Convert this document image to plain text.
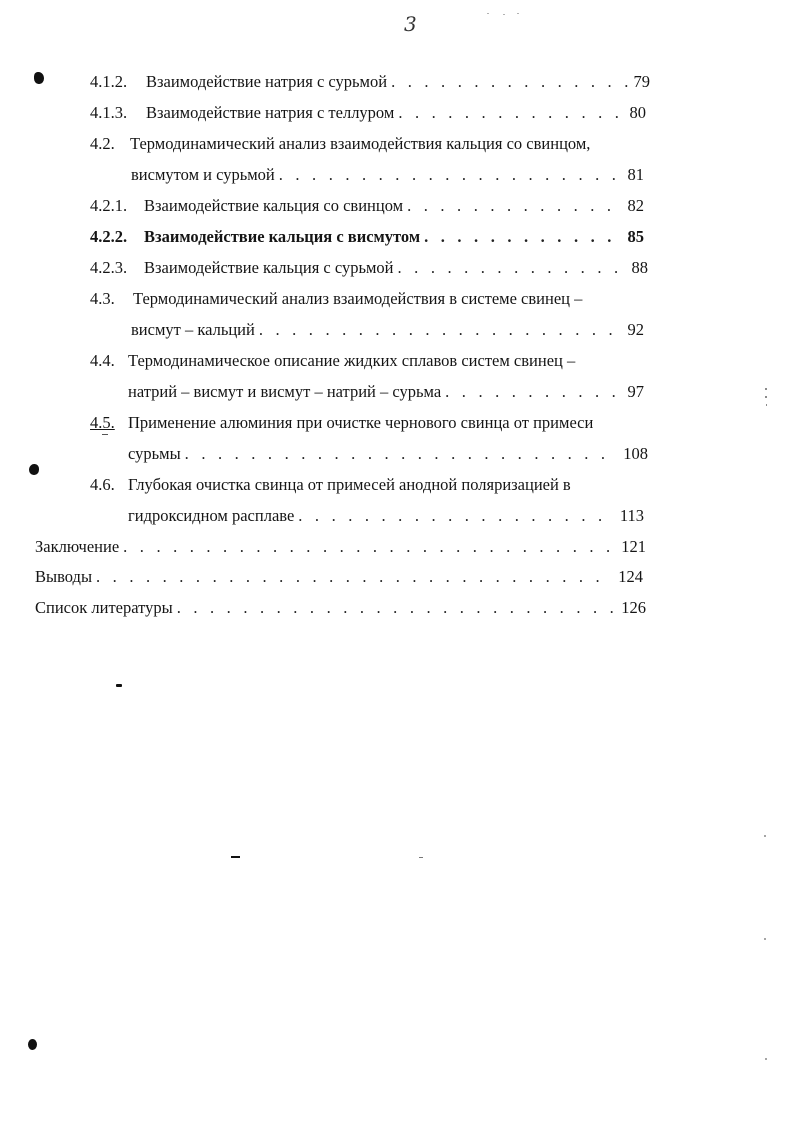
3
4.1.2.	Взаимодействие натрия с сурьмой . . .	79
4.1.3.	Взаимодействие натрия с теллуром . . .	80
4.2. Термодинамический анализ взаимодействия кальция со свинцом,
висмутом и сурьмой . . .	81
4.2.1.	Взаимодействие кальция со свинцом . . .	82
4.2.2.	Взаимодействие кальция с висмутом . . .	85
4.2.3.	Взаимодействие кальция с сурьмой . . .	88
4.3.	Термодинамический анализ взаимодействия в системе свинец –
висмут – кальций . . .	92
4.4. Термодинамическое описание жидких сплавов систем свинец –
натрий – висмут и висмут – натрий – сурьма . . .	97
4.5. Применение алюминия при очистке чернового свинца от примеси
сурьмы . . .	108
4.6. Глубокая очистка свинца от примесей анодной поляризацией в
гидроксидном расплаве . . .	113
Заключение . . .	121
Выводы . . .	124
Список литературы . . .	126
